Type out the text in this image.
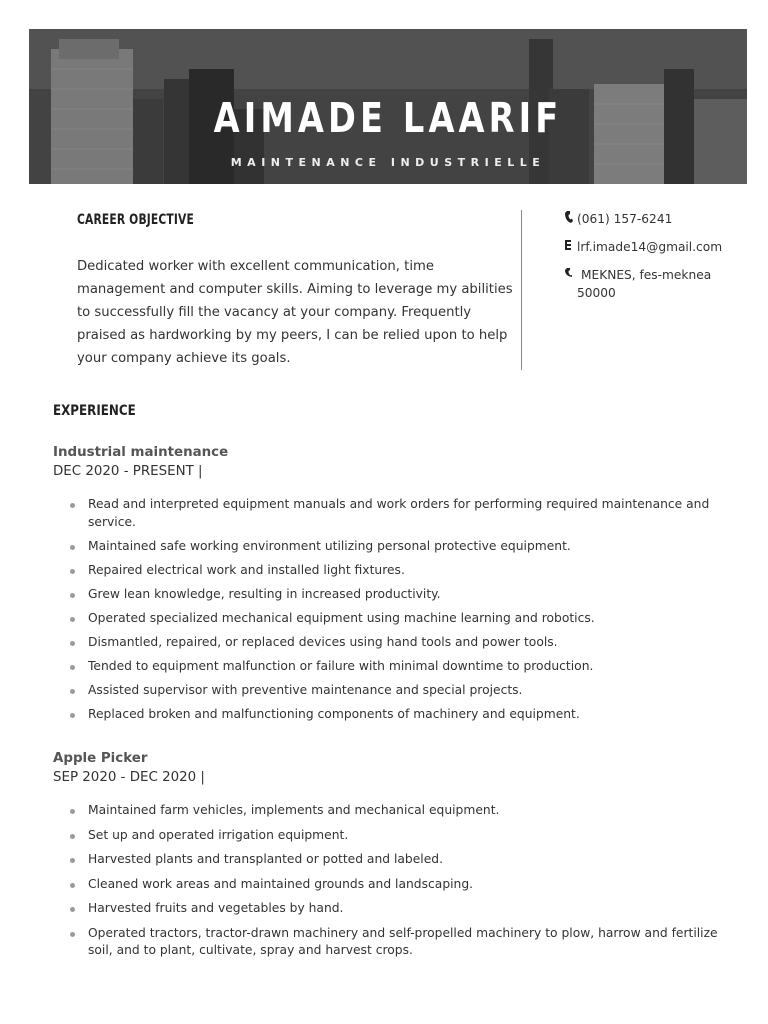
AIMADE LAARIF
MAINTENANCE INDUSTRIELLE
CAREER OBJECTIVE

Dedicated worker with excellent communication, time management and computer skills. Aiming to leverage my abilities to successfully fill the vacancy at your company. Frequently praised as hardworking by my peers, I can be relied upon to help your company achieve its goals.

(061) 157-6241
lrf.imade14@gmail.com
MEKNES, fes-meknea
50000
EXPERIENCE

Industrial maintenance

DEC 2020 - PRESENT |

Read and interpreted equipment manuals and work orders for performing required maintenance and service.
Maintained safe working environment utilizing personal protective equipment.
Repaired electrical work and installed light fixtures.
Grew lean knowledge, resulting in increased productivity.
Operated specialized mechanical equipment using machine learning and robotics.
Dismantled, repaired, or replaced devices using hand tools and power tools.
Tended to equipment malfunction or failure with minimal downtime to production.
Assisted supervisor with preventive maintenance and special projects.
Replaced broken and malfunctioning components of machinery and equipment.

Apple Picker

SEP 2020 - DEC 2020 |

Maintained farm vehicles, implements and mechanical equipment.
Set up and operated irrigation equipment.
Harvested plants and transplanted or potted and labeled.
Cleaned work areas and maintained grounds and landscaping.
Harvested fruits and vegetables by hand.
Operated tractors, tractor-drawn machinery and self-propelled machinery to plow, harrow and fertilize soil, and to plant, cultivate, spray and harvest crops.
